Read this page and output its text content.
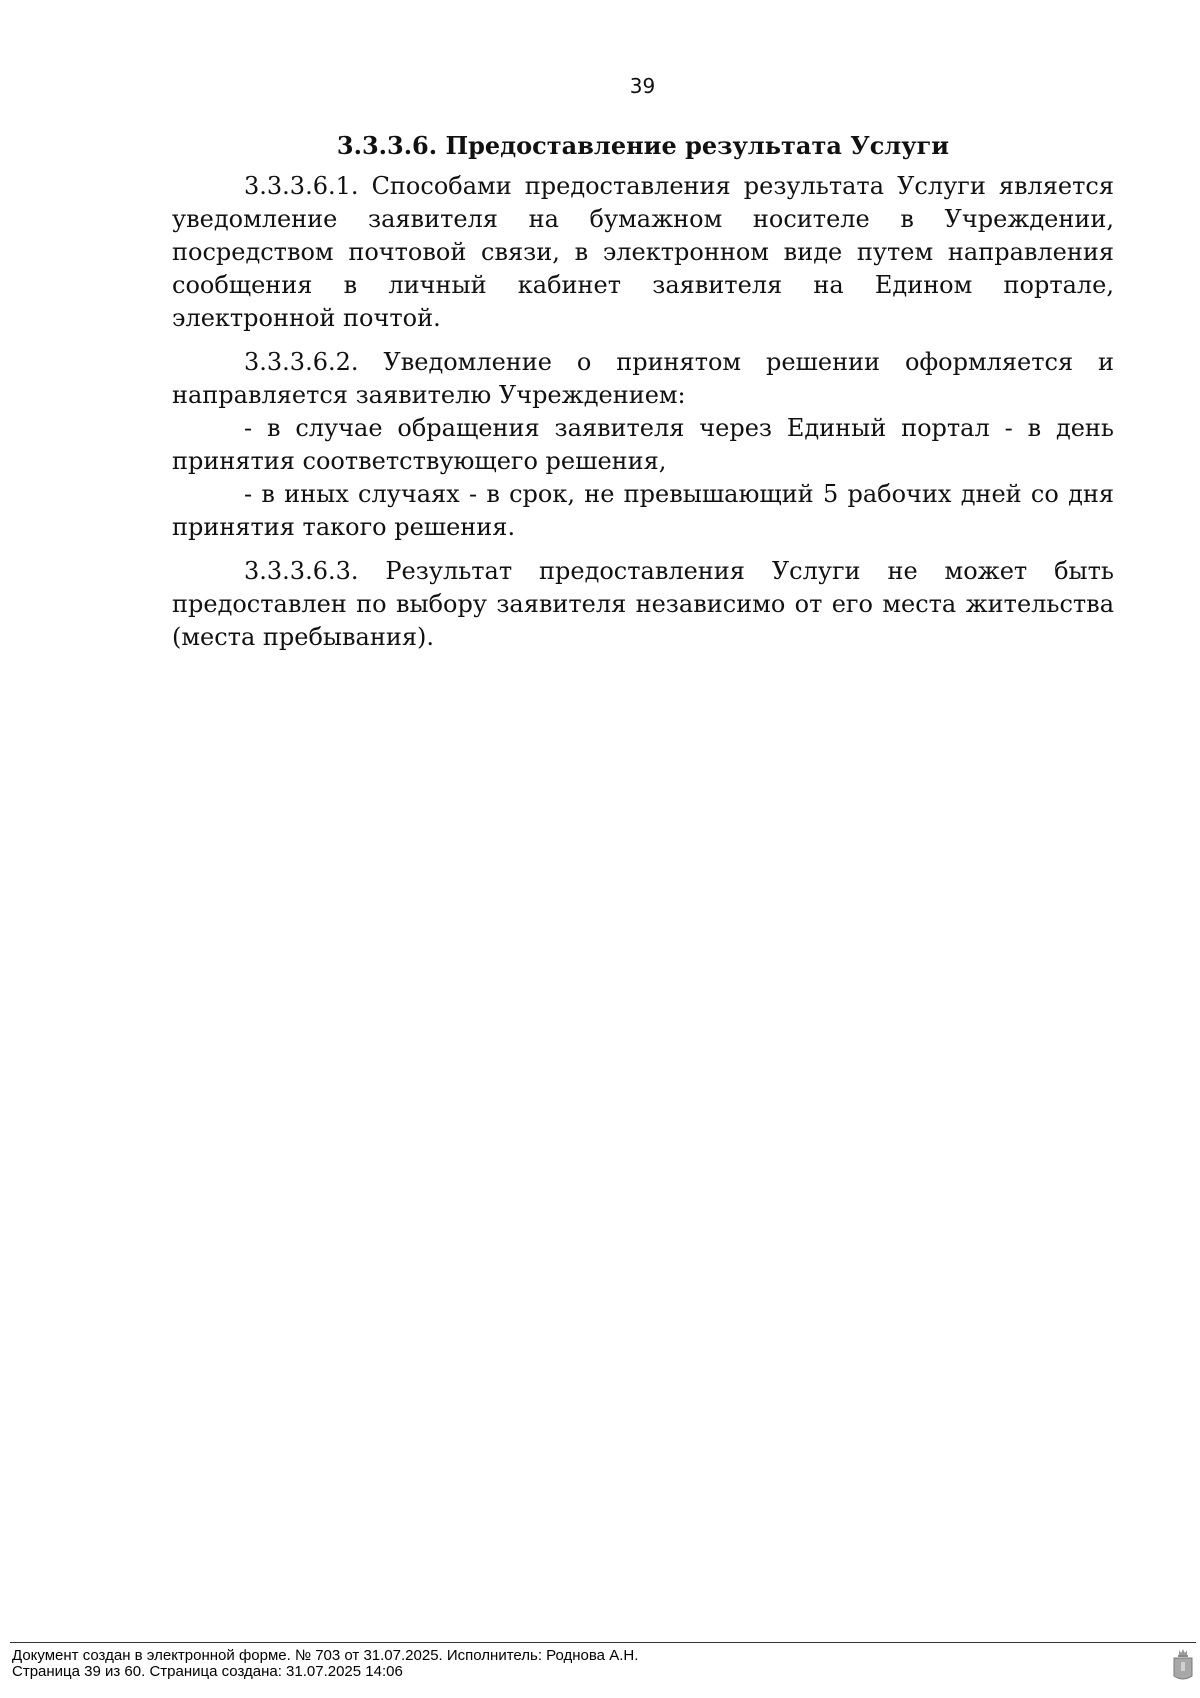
39
3.3.3.6. Предоставление результата Услуги

3.3.3.6.1. Способами предоставления результата Услуги является уведомление заявителя на бумажном носителе в Учреждении, посредством почтовой связи, в электронном виде путем направления сообщения в личный кабинет заявителя на Едином портале, электронной почтой.

3.3.3.6.2. Уведомление о принятом решении оформляется и направляется заявителю Учреждением:

- в случае обращения заявителя через Единый портал - в день принятия соответствующего решения,

- в иных случаях - в срок, не превышающий 5 рабочих дней со дня принятия такого решения.

3.3.3.6.3. Результат предоставления Услуги не может быть предоставлен по выбору заявителя независимо от его места жительства (места пребывания).

Документ создан в электронной форме. № 703 от 31.07.2025. Исполнитель: Роднова А.Н.
Страница 39 из 60. Страница создана: 31.07.2025 14:06
